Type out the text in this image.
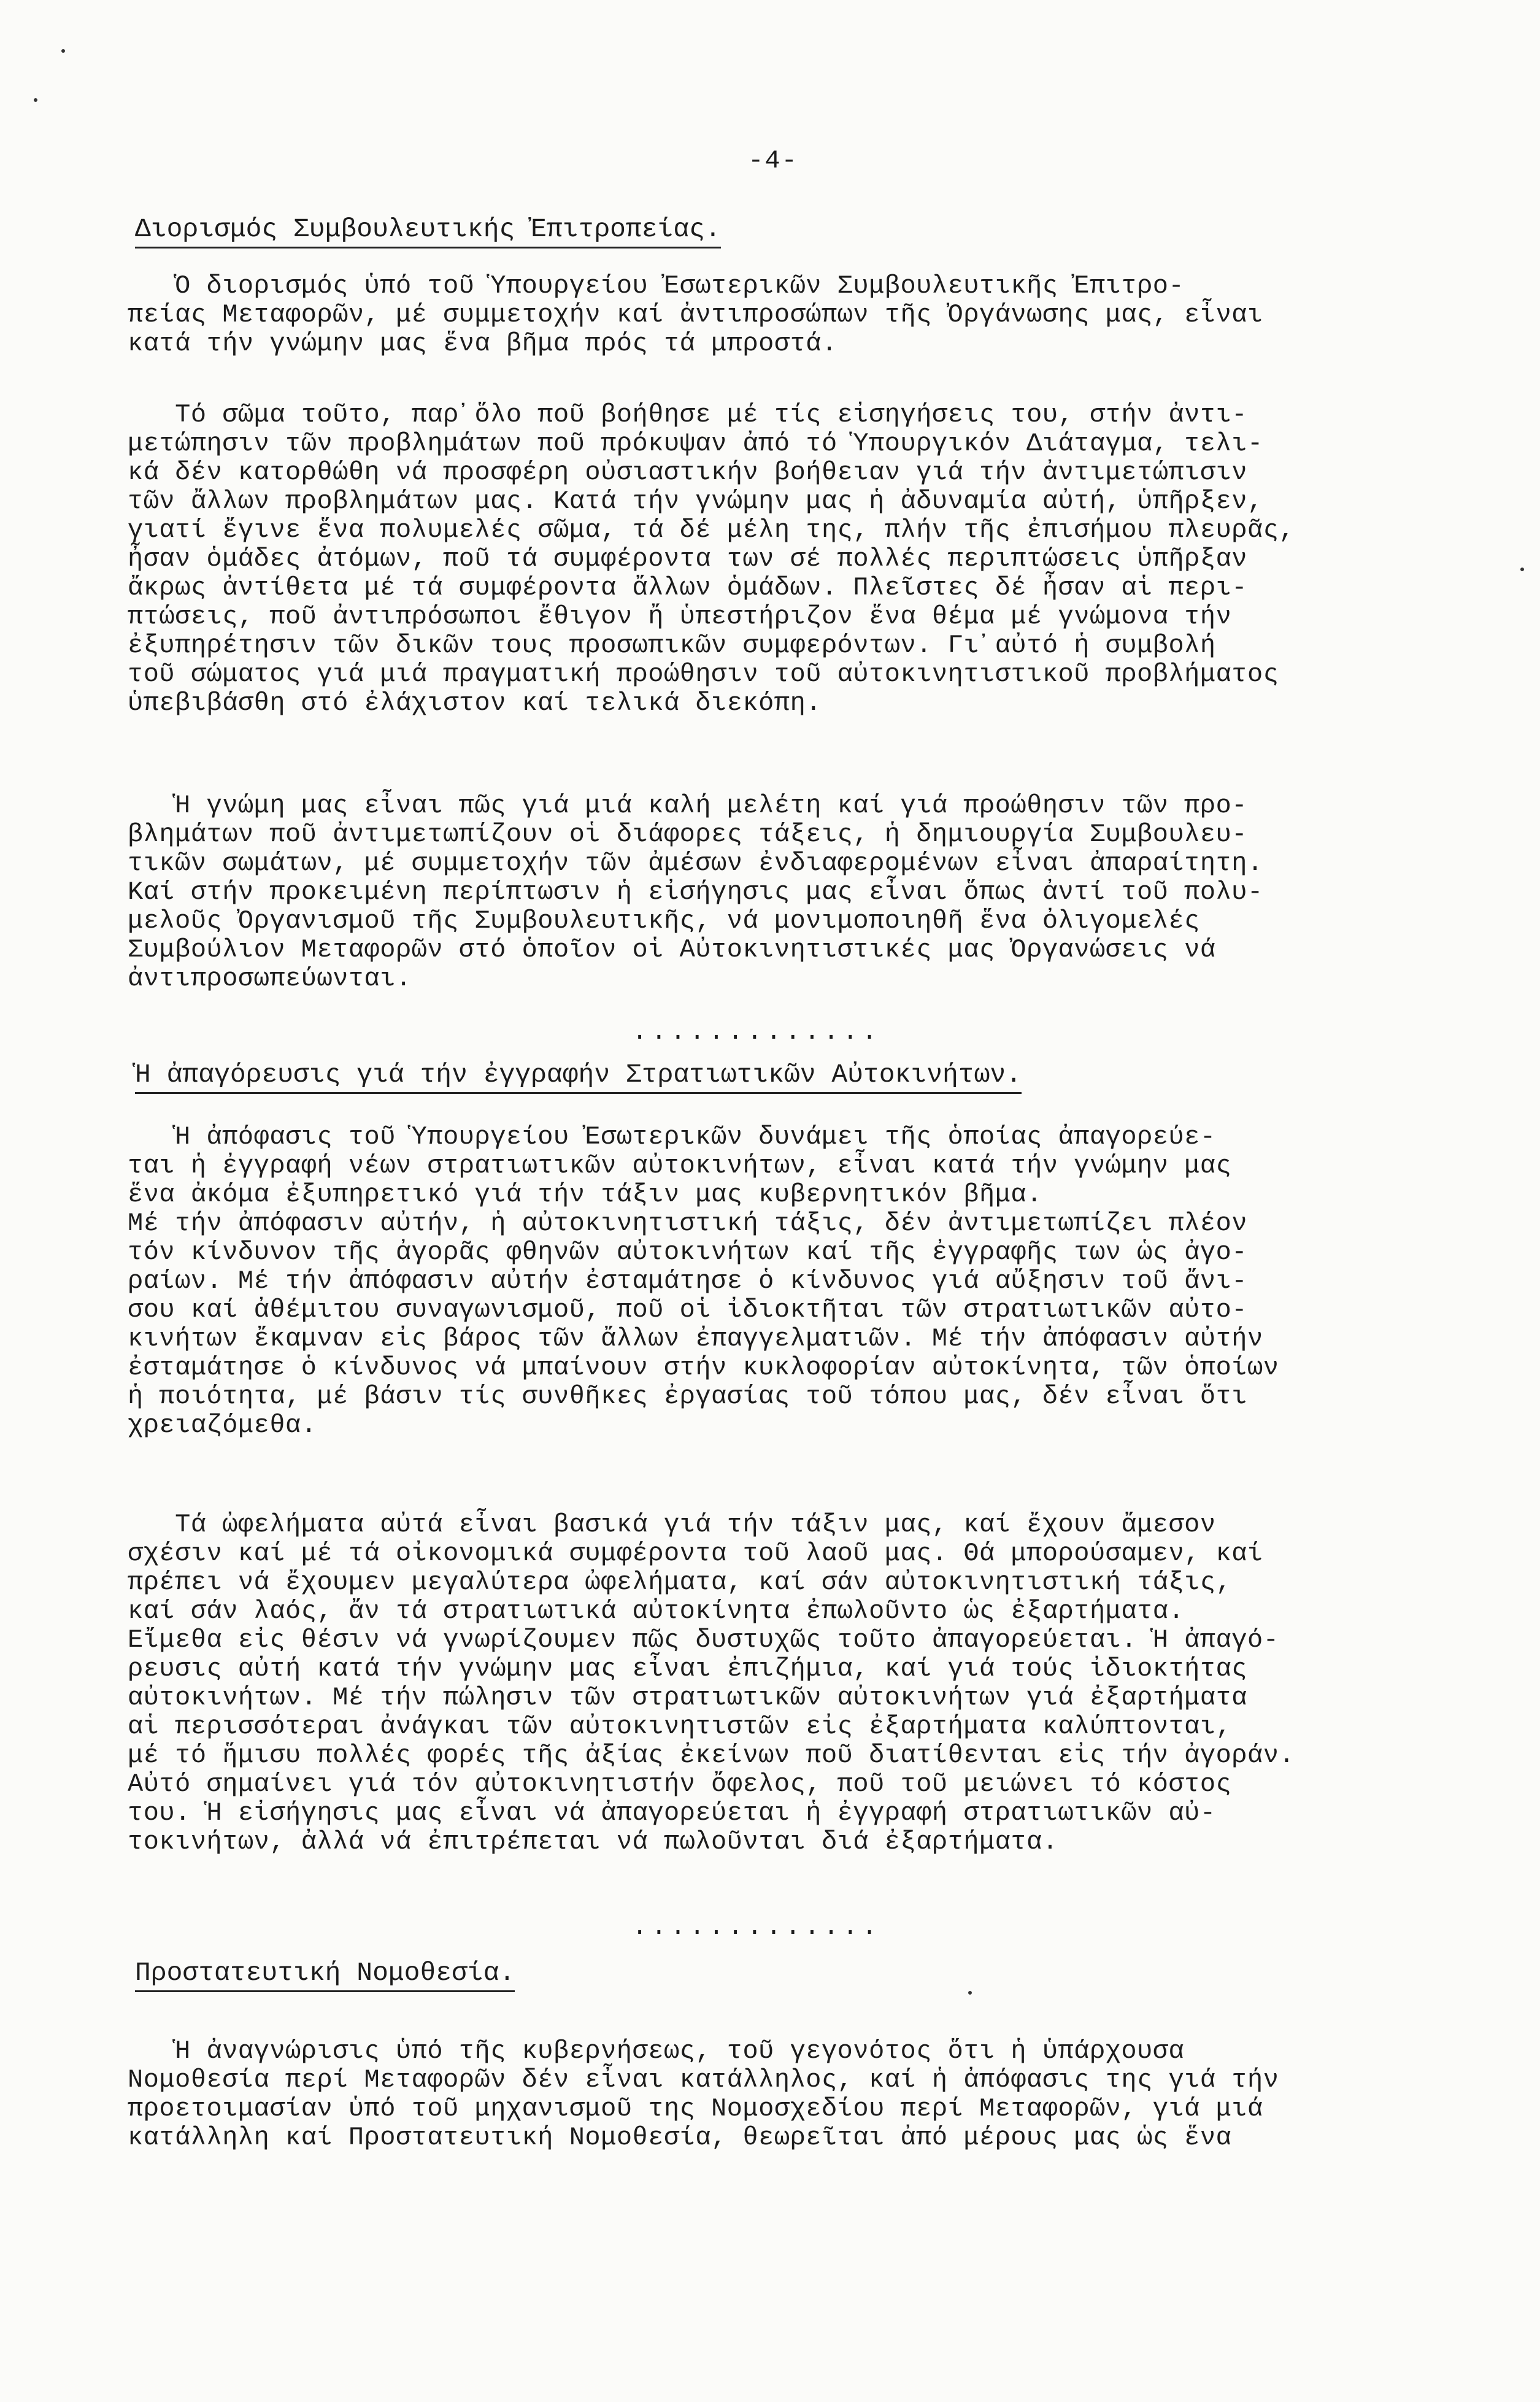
-4-
Διορισμός Συμβουλευτικής Ἐπιτροπείας.

Ὁ διορισμός ὑπό τοῦ Ὑπουργείου Ἐσωτερικῶν Συμβουλευτικῆς Ἐπιτρο-
πείας Μεταφορῶν, μέ συμμετοχήν καί ἀντιπροσώπων τῆς Ὀργάνωσης μας, εἶναι
κατά τήν γνώμην μας ἕνα βῆμα πρός τά μπροστά.

Τό σῶμα τοῦτο, παρ᾽ὅλο ποῦ βοήθησε μέ τίς εἰσηγήσεις του, στήν ἀντι-
μετώπησιν τῶν προβλημάτων ποῦ πρόκυψαν ἀπό τό Ὑπουργικόν Διάταγμα, τελι-
κά δέν κατορθώθη νά προσφέρη οὐσιαστικήν βοήθειαν γιά τήν ἀντιμετώπισιν
τῶν ἄλλων προβλημάτων μας. Κατά τήν γνώμην μας ἡ ἀδυναμία αὐτή, ὑπῆρξεν,
γιατί ἔγινε ἕνα πολυμελές σῶμα, τά δέ μέλη της, πλήν τῆς ἐπισήμου πλευρᾶς,
ἦσαν ὁμάδες ἀτόμων, ποῦ τά συμφέροντα των σέ πολλές περιπτώσεις ὑπῆρξαν
ἄκρως ἀντίθετα μέ τά συμφέροντα ἄλλων ὁμάδων. Πλεῖστες δέ ἦσαν αἱ περι-
πτώσεις, ποῦ ἀντιπρόσωποι ἔθιγον ἤ ὑπεστήριζον ἕνα θέμα μέ γνώμονα τήν
ἐξυπηρέτησιν τῶν δικῶν τους προσωπικῶν συμφερόντων. Γι᾽αὐτό ἡ συμβολή
τοῦ σώματος γιά μιά πραγματική προώθησιν τοῦ αὐτοκινητιστικοῦ προβλήματος
ὑπεβιβάσθη στό ἐλάχιστον καί τελικά διεκόπη.

Ἡ γνώμη μας εἶναι πῶς γιά μιά καλή μελέτη καί γιά προώθησιν τῶν προ-
βλημάτων ποῦ ἀντιμετωπίζουν οἱ διάφορες τάξεις, ἡ δημιουργία Συμβουλευ-
τικῶν σωμάτων, μέ συμμετοχήν τῶν ἀμέσων ἐνδιαφερομένων εἶναι ἀπαραίτητη.
Καί στήν προκειμένη περίπτωσιν ἡ εἰσήγησις μας εἶναι ὅπως ἀντί τοῦ πολυ-
μελοῦς Ὀργανισμοῦ τῆς Συμβουλευτικῆς, νά μονιμοποιηθῆ ἕνα ὀλιγομελές
Συμβούλιον Μεταφορῶν στό ὁποῖον οἱ Αὐτοκινητιστικές μας Ὀργανώσεις νά
ἀντιπροσωπεύωνται.

.............
Ἡ ἀπαγόρευσις γιά τήν ἐγγραφήν Στρατιωτικῶν Αὐτοκινήτων.

Ἡ ἀπόφασις τοῦ Ὑπουργείου Ἐσωτερικῶν δυνάμει τῆς ὁποίας ἀπαγορεύε-
ται ἡ ἐγγραφή νέων στρατιωτικῶν αὐτοκινήτων, εἶναι κατά τήν γνώμην μας
ἕνα ἀκόμα ἐξυπηρετικό γιά τήν τάξιν μας κυβερνητικόν βῆμα.
Μέ τήν ἀπόφασιν αὐτήν, ἡ αὐτοκινητιστική τάξις, δέν ἀντιμετωπίζει πλέον
τόν κίνδυνον τῆς ἀγορᾶς φθηνῶν αὐτοκινήτων καί τῆς ἐγγραφῆς των ὡς ἀγο-
ραίων. Μέ τήν ἀπόφασιν αὐτήν ἐσταμάτησε ὁ κίνδυνος γιά αὔξησιν τοῦ ἄνι-
σου καί ἀθέμιτου συναγωνισμοῦ, ποῦ οἱ ἰδιοκτῆται τῶν στρατιωτικῶν αὐτο-
κινήτων ἔκαμναν εἰς βάρος τῶν ἄλλων ἐπαγγελματιῶν. Μέ τήν ἀπόφασιν αὐτήν
ἐσταμάτησε ὁ κίνδυνος νά μπαίνουν στήν κυκλοφορίαν αὐτοκίνητα, τῶν ὁποίων
ἡ ποιότητα, μέ βάσιν τίς συνθῆκες ἐργασίας τοῦ τόπου μας, δέν εἶναι ὅτι
χρειαζόμεθα.

Τά ὠφελήματα αὐτά εἶναι βασικά γιά τήν τάξιν μας, καί ἔχουν ἄμεσον
σχέσιν καί μέ τά οἰκονομικά συμφέροντα τοῦ λαοῦ μας. Θά μπορούσαμεν, καί
πρέπει νά ἔχουμεν μεγαλύτερα ὠφελήματα, καί σάν αὐτοκινητιστική τάξις,
καί σάν λαός, ἄν τά στρατιωτικά αὐτοκίνητα ἐπωλοῦντο ὡς ἐξαρτήματα.
Εἴμεθα εἰς θέσιν νά γνωρίζουμεν πῶς δυστυχῶς τοῦτο ἀπαγορεύεται. Ἡ ἀπαγό-
ρευσις αὐτή κατά τήν γνώμην μας εἶναι ἐπιζήμια, καί γιά τούς ἰδιοκτήτας
αὐτοκινήτων. Μέ τήν πώλησιν τῶν στρατιωτικῶν αὐτοκινήτων γιά ἐξαρτήματα
αἱ περισσότεραι ἀνάγκαι τῶν αὐτοκινητιστῶν εἰς ἐξαρτήματα καλύπτονται,
μέ τό ἥμισυ πολλές φορές τῆς ἀξίας ἐκείνων ποῦ διατίθενται εἰς τήν ἀγοράν.
Αὐτό σημαίνει γιά τόν αὐτοκινητιστήν ὄφελος, ποῦ τοῦ μειώνει τό κόστος
του. Ἡ εἰσήγησις μας εἶναι νά ἀπαγορεύεται ἡ ἐγγραφή στρατιωτικῶν αὐ-
τοκινήτων, ἀλλά νά ἐπιτρέπεται νά πωλοῦνται διά ἐξαρτήματα.

.............
Προστατευτική Νομοθεσία.

Ἡ ἀναγνώρισις ὑπό τῆς κυβερνήσεως, τοῦ γεγονότος ὅτι ἡ ὑπάρχουσα
Νομοθεσία περί Μεταφορῶν δέν εἶναι κατάλληλος, καί ἡ ἀπόφασις της γιά τήν
προετοιμασίαν ὑπό τοῦ μηχανισμοῦ της Νομοσχεδίου περί Μεταφορῶν, γιά μιά
κατάλληλη καί Προστατευτική Νομοθεσία, θεωρεῖται ἀπό μέρους μας ὡς ἕνα
